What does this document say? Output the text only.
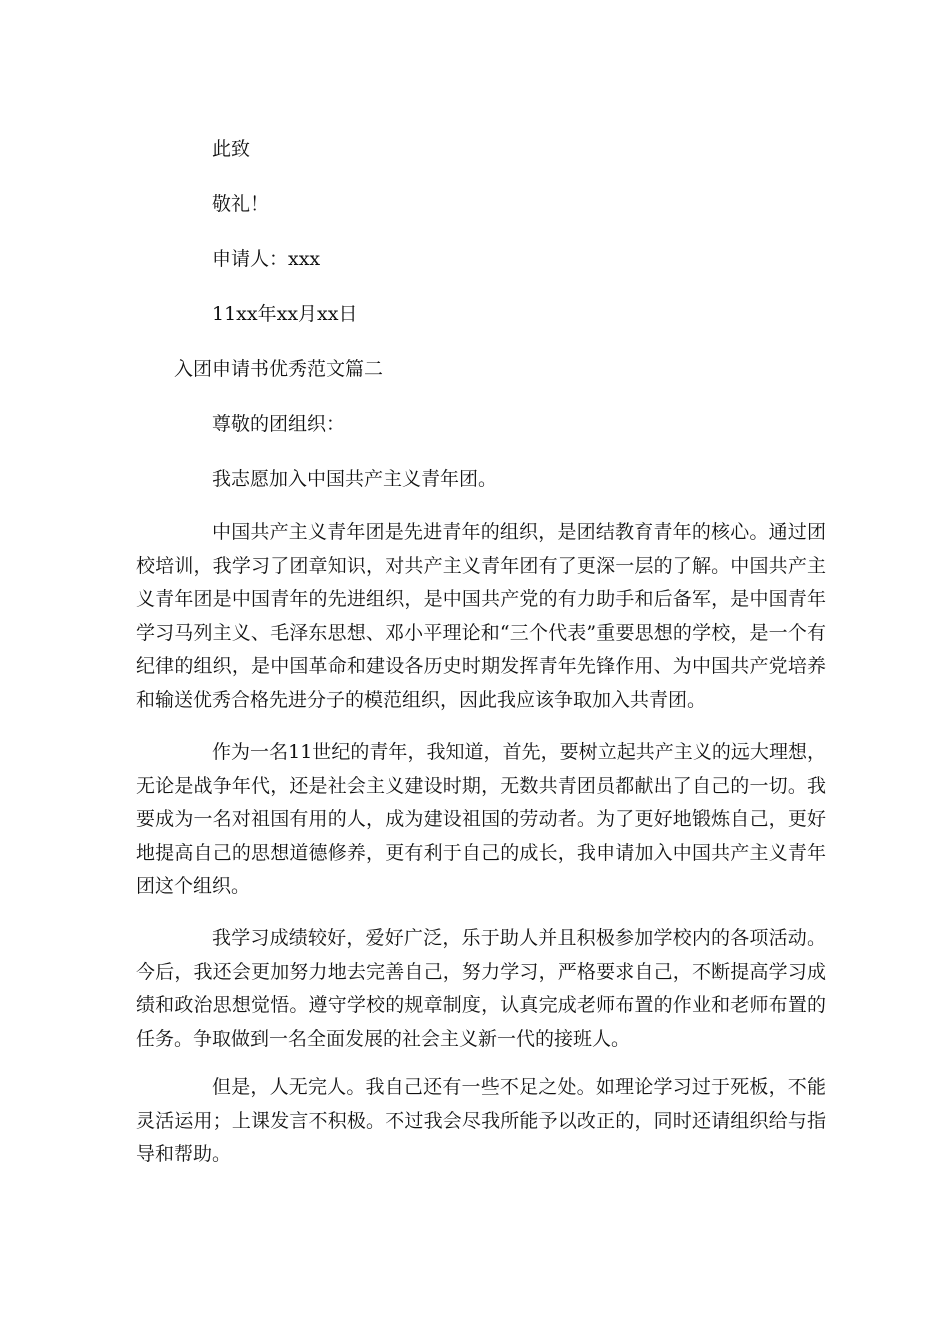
此致
敬礼！
申请人：xxx
11xx年xx月xx日
入团申请书优秀范文篇二
尊敬的团组织：
我志愿加入中国共产主义青年团。
中国共产主义青年团是先进青年的组织，是团结教育青年的核心。通过团校培训，我学习了团章知识，对共产主义青年团有了更深一层的了解。中国共产主义青年团是中国青年的先进组织，是中国共产党的有力助手和后备军，是中国青年学习马列主义、毛泽东思想、邓小平理论和“三个代表”重要思想的学校，是一个有纪律的组织，是中国革命和建设各历史时期发挥青年先锋作用、为中国共产党培养和输送优秀合格先进分子的模范组织，因此我应该争取加入共青团。
作为一名11世纪的青年，我知道，首先，要树立起共产主义的远大理想，无论是战争年代，还是社会主义建设时期，无数共青团员都献出了自己的一切。我要成为一名对祖国有用的人，成为建设祖国的劳动者。为了更好地锻炼自己，更好地提高自己的思想道德修养，更有利于自己的成长，我申请加入中国共产主义青年团这个组织。
我学习成绩较好，爱好广泛，乐于助人并且积极参加学校内的各项活动。今后，我还会更加努力地去完善自己，努力学习，严格要求自己，不断提高学习成绩和政治思想觉悟。遵守学校的规章制度，认真完成老师布置的作业和老师布置的任务。争取做到一名全面发展的社会主义新一代的接班人。
但是，人无完人。我自己还有一些不足之处。如理论学习过于死板，不能灵活运用；上课发言不积极。不过我会尽我所能予以改正的，同时还请组织给与指导和帮助。
